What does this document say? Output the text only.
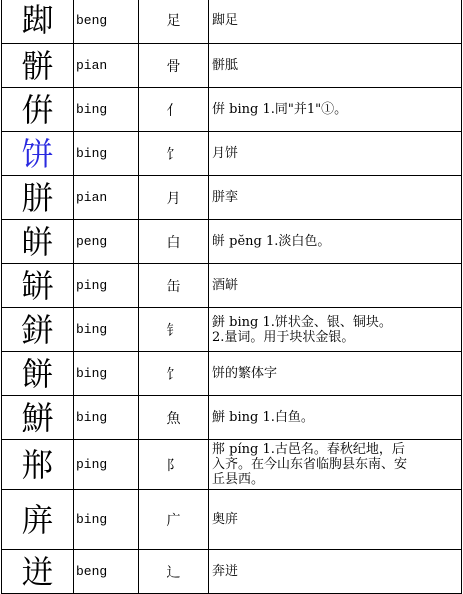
踋	beng	足	踋足
骿	pian	骨	骿胝
倂	bing	亻	倂 bing 1.同"并1"①。
饼	bing	饣	月饼
胼	pian	月	胼挛
皏	peng	白	皏 pĕng 1.淡白色。
缾	ping	缶	酒缾
鉼	bing	钅	鉼 bing 1.饼状金、银、铜块。
2.量词。用于块状金银。
餅	bing	饣	饼的繁体字
鮩	bing	魚	鮩 bing 1.白鱼。
郱	ping	阝	郱 píng 1.古邑名。春秋纪地，后
入齐。在今山东省临朐县东南、安
丘县西。
庰	bing	广	奥庰
迸	beng	辶	奔迸
